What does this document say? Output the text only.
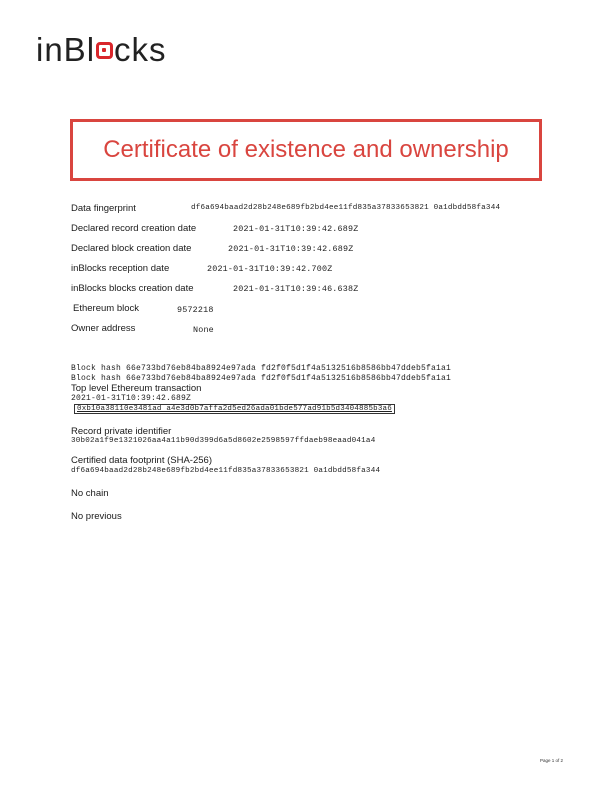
inBl cks
Certificate of existence and ownership
Data fingerprint	df6a694baad2d28b248e689fb2bd4ee11fd835a37833653821 0a1dbdd58fa344
Declared record creation date	2021-01-31T10:39:42.689Z
Declared block creation date	2021-01-31T10:39:42.689Z
inBlocks reception date	2021-01-31T10:39:42.700Z
inBlocks blocks creation date	2021-01-31T10:39:46.638Z
Ethereum block	9572218
Owner address	None
Block hash 66e733bd76eb84ba8924e97ada fd2f0f5d1f4a5132516b8586bb47ddeb5fa1a1
Block hash 66e733bd76eb84ba8924e97ada fd2f0f5d1f4a5132516b8586bb47ddeb5fa1a1
Top level Ethereum transaction
2021-01-31T10:39:42.689Z
0xb10a38110e3481ad a4e3d0b7affa2d5ed26ada01bde577ad91b5d3404885b3a6
Record private identifier
30b02a1f9e1321026aa4a11b90d399d6a5d8602e2598597ffdaeb98eaad041a4
Certified data footprint (SHA-256)
df6a694baad2d28b248e689fb2bd4ee11fd835a37833653821 0a1dbdd58fa344
No chain
No previous
Page 1 of 2
